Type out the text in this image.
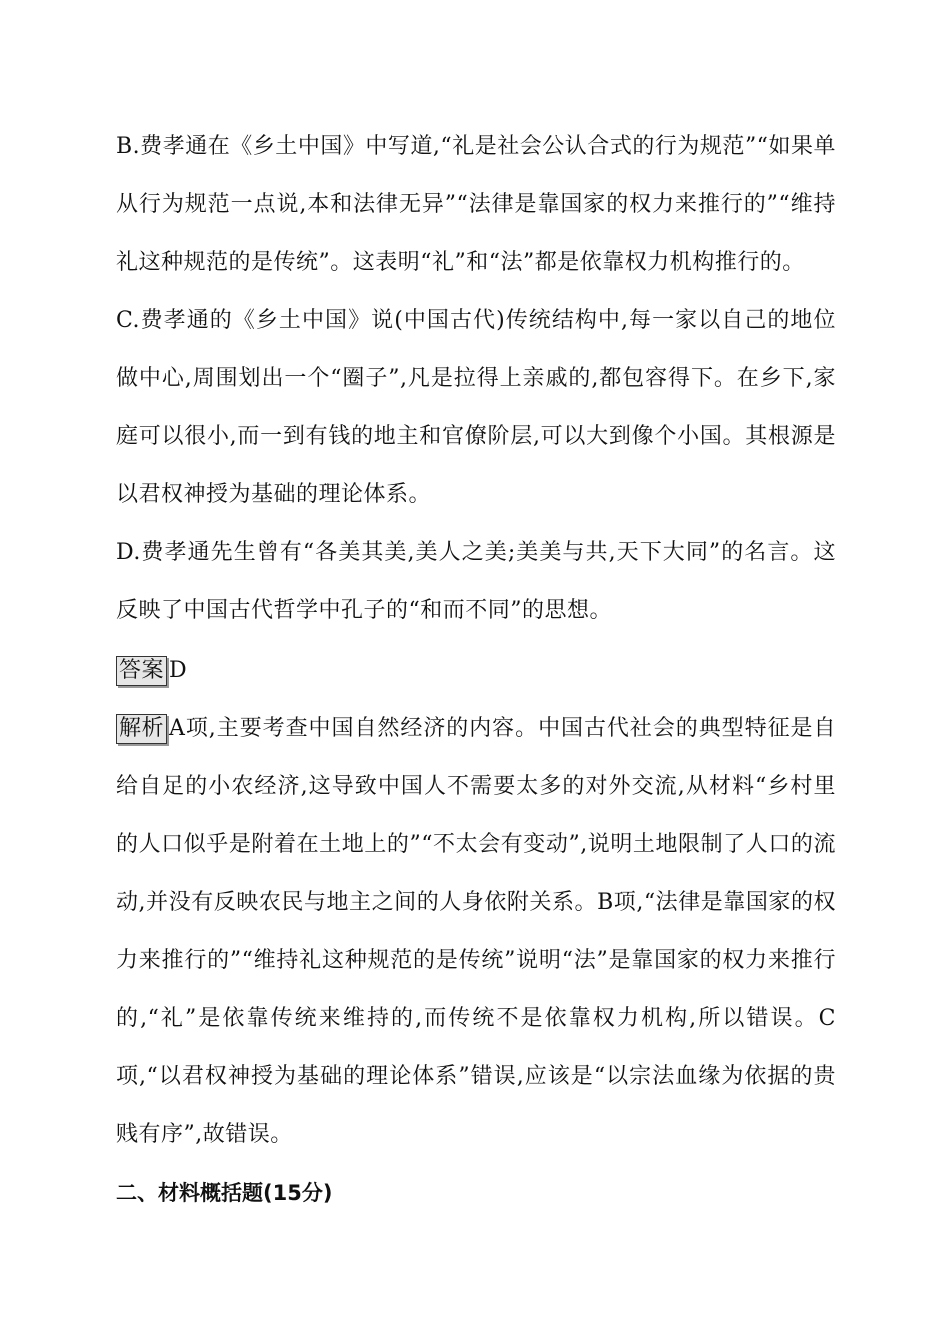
B.费孝通在《乡土中国》中写道,“礼是社会公认合式的行为规范”“如果单从行为规范一点说,本和法律无异”“法律是靠国家的权力来推行的”“维持礼这种规范的是传统”。这表明“礼”和“法”都是依靠权力机构推行的。

C.费孝通的《乡土中国》说(中国古代)传统结构中,每一家以自己的地位做中心,周围划出一个“圈子”,凡是拉得上亲戚的,都包容得下。在乡下,家庭可以很小,而一到有钱的地主和官僚阶层,可以大到像个小国。其根源是以君权神授为基础的理论体系。

D.费孝通先生曾有“各美其美,美人之美;美美与共,天下大同”的名言。这反映了中国古代哲学中孔子的“和而不同”的思想。

答案 D

解析 A项,主要考查中国自然经济的内容。中国古代社会的典型特征是自给自足的小农经济,这导致中国人不需要太多的对外交流,从材料“乡村里的人口似乎是附着在土地上的”“不太会有变动”,说明土地限制了人口的流动,并没有反映农民与地主之间的人身依附关系。B项,“法律是靠国家的权力来推行的”“维持礼这种规范的是传统”说明“法”是靠国家的权力来推行的,“礼”是依靠传统来维持的,而传统不是依靠权力机构,所以错误。C项,“以君权神授为基础的理论体系”错误,应该是“以宗法血缘为依据的贵贱有序”,故错误。

二、材料概括题(15分)
